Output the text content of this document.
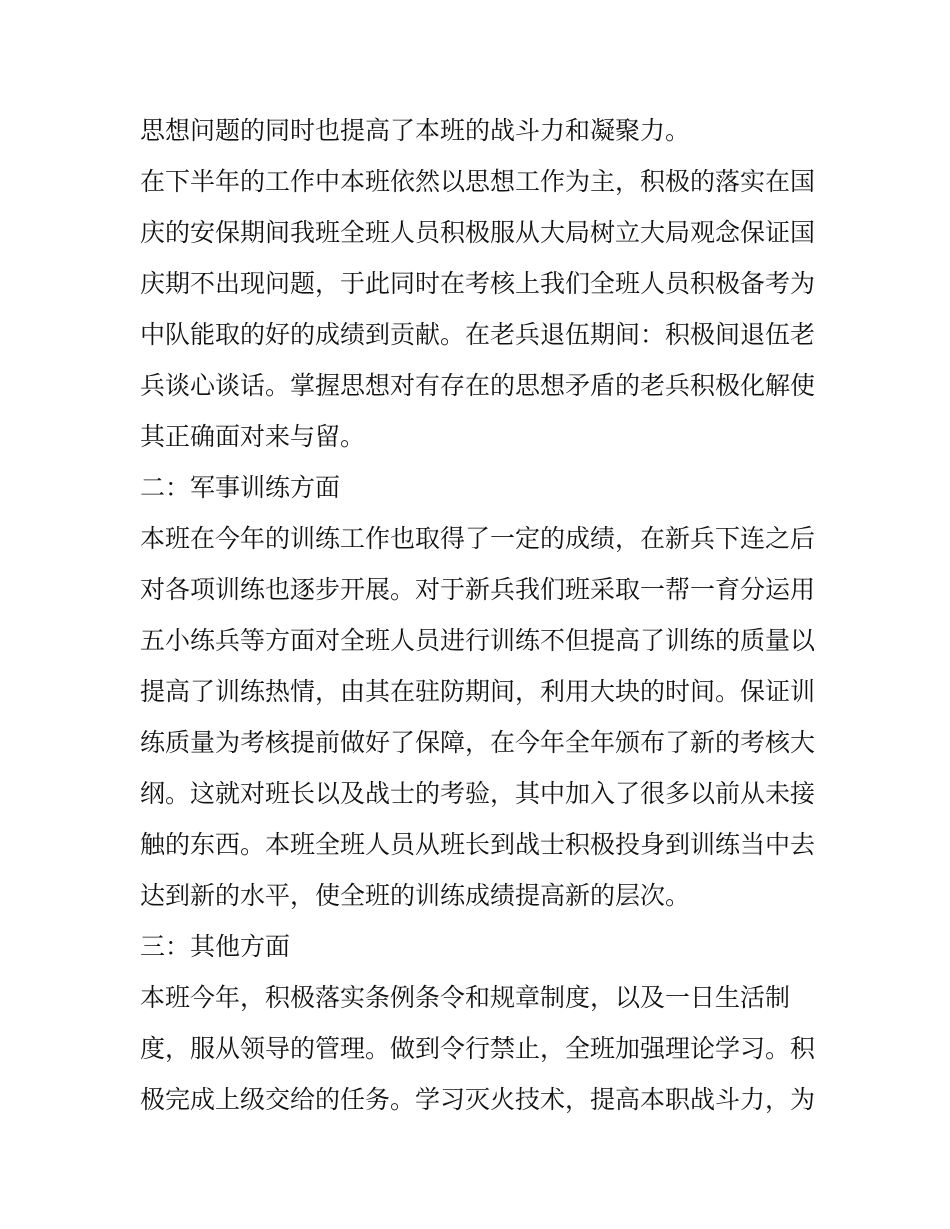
思想问题的同时也提高了本班的战斗力和凝聚力。
在下半年的工作中本班依然以思想工作为主，积极的落实在国
庆的安保期间我班全班人员积极服从大局树立大局观念保证国
庆期不出现问题，于此同时在考核上我们全班人员积极备考为
中队能取的好的成绩到贡献。在老兵退伍期间：积极间退伍老
兵谈心谈话。掌握思想对有存在的思想矛盾的老兵积极化解使
其正确面对来与留。
二：军事训练方面
本班在今年的训练工作也取得了一定的成绩，在新兵下连之后
对各项训练也逐步开展。对于新兵我们班采取一帮一育分运用
五小练兵等方面对全班人员进行训练不但提高了训练的质量以
提高了训练热情，由其在驻防期间，利用大块的时间。保证训
练质量为考核提前做好了保障，在今年全年颁布了新的考核大
纲。这就对班长以及战士的考验，其中加入了很多以前从未接
触的东西。本班全班人员从班长到战士积极投身到训练当中去
达到新的水平，使全班的训练成绩提高新的层次。
三：其他方面
本班今年，积极落实条例条令和规章制度，以及一日生活制
度，服从领导的管理。做到令行禁止，全班加强理论学习。积
极完成上级交给的任务。学习灭火技术，提高本职战斗力，为
